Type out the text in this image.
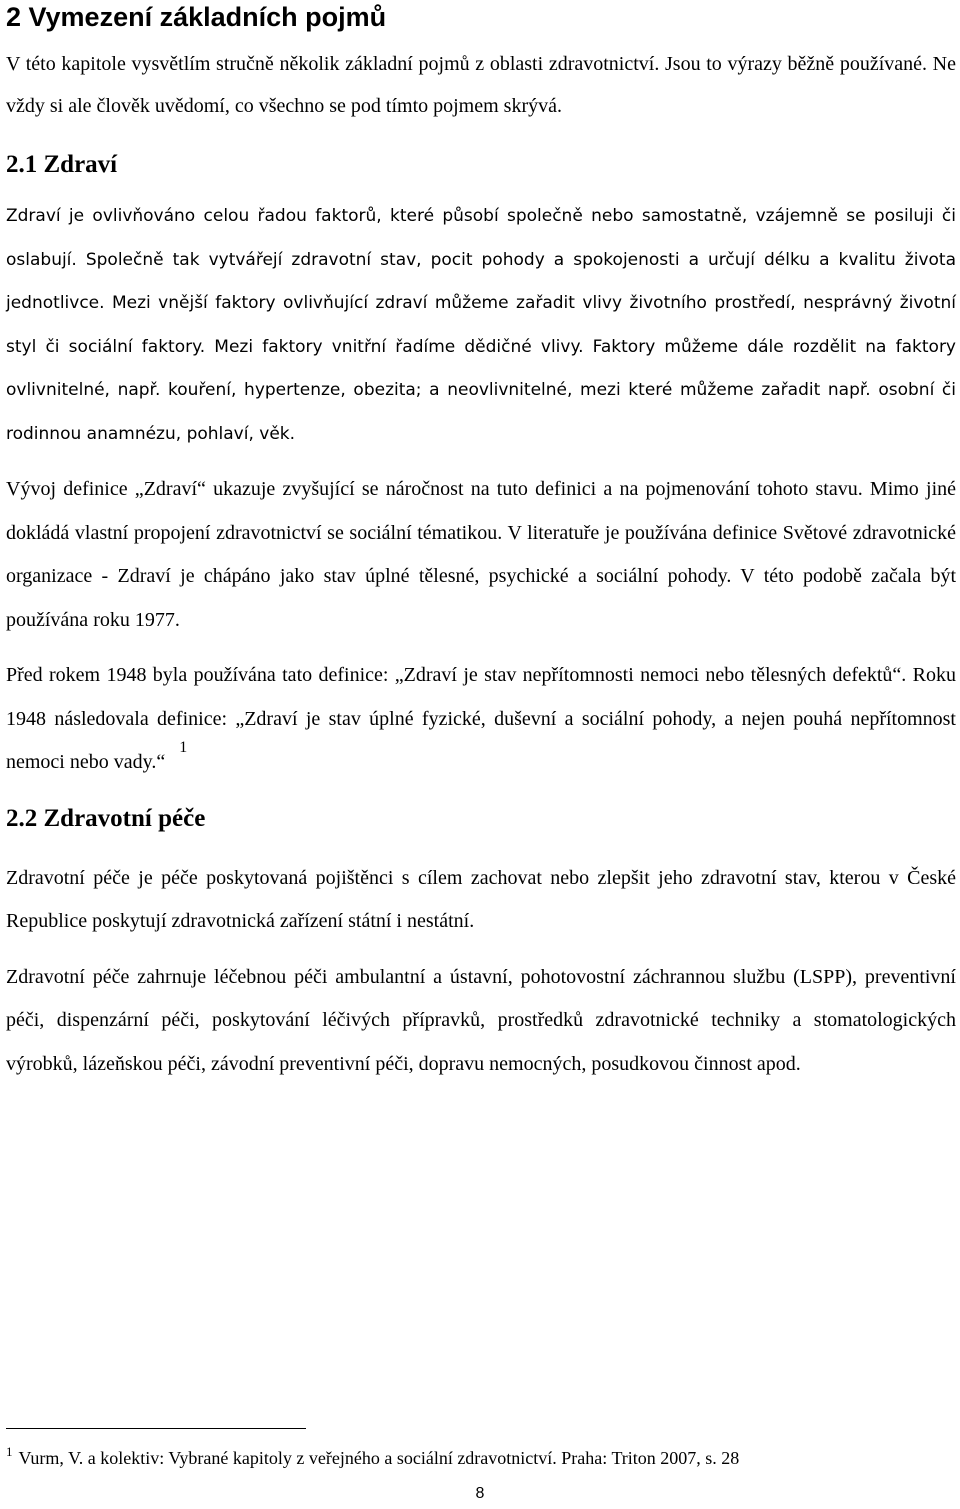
2 Vymezení základních pojmů

V této kapitole vysvětlím stručně několik základní pojmů z oblasti zdravotnictví. Jsou to výrazy běžně používané. Ne vždy si ale člověk uvědomí, co všechno se pod tímto pojmem skrývá.

2.1 Zdraví

Zdraví je ovlivňováno celou řadou faktorů, které působí společně nebo samostatně, vzájemně se posiluji či oslabují. Společně tak vytvářejí zdravotní stav, pocit pohody a spokojenosti a určují délku a kvalitu života jednotlivce. Mezi vnější faktory ovlivňující zdraví můžeme zařadit vlivy životního prostředí, nesprávný životní styl či sociální faktory. Mezi faktory vnitřní řadíme dědičné vlivy. Faktory můžeme dále rozdělit na faktory ovlivnitelné, např. kouření, hypertenze, obezita; a neovlivnitelné, mezi které můžeme zařadit např. osobní či rodinnou anamnézu, pohlaví, věk.

Vývoj definice „Zdraví“ ukazuje zvyšující se náročnost na tuto definici a na pojmenování tohoto stavu. Mimo jiné dokládá vlastní propojení zdravotnictví se sociální tématikou. V literatuře je používána definice Světové zdravotnické organizace - Zdraví je chápáno jako stav úplné tělesné, psychické a sociální pohody. V této podobě začala být používána roku 1977.

Před rokem 1948 byla používána tato definice: „Zdraví je stav nepřítomnosti nemoci nebo tělesných defektů“. Roku 1948 následovala definice: „Zdraví je stav úplné fyzické, duševní a sociální pohody, a nejen pouhá nepřítomnost nemoci nebo vady.“$^1$

2.2 Zdravotní péče

Zdravotní péče je péče poskytovaná pojištěnci s cílem zachovat nebo zlepšit jeho zdravotní stav, kterou v České Republice poskytují zdravotnická zařízení státní i nestátní.

Zdravotní péče zahrnuje léčebnou péči ambulantní a ústavní, pohotovostní záchrannou službu (LSPP), preventivní péči, dispenzární péči, poskytování léčivých přípravků, prostředků zdravotnické techniky a stomatologických výrobků, lázeňskou péči, závodní preventivní péči, dopravu nemocných, posudkovou činnost apod.

$^1$ Vurm, V. a kolektiv: Vybrané kapitoly z veřejného a sociální zdravotnictví. Praha: Triton 2007, s. 28
8
